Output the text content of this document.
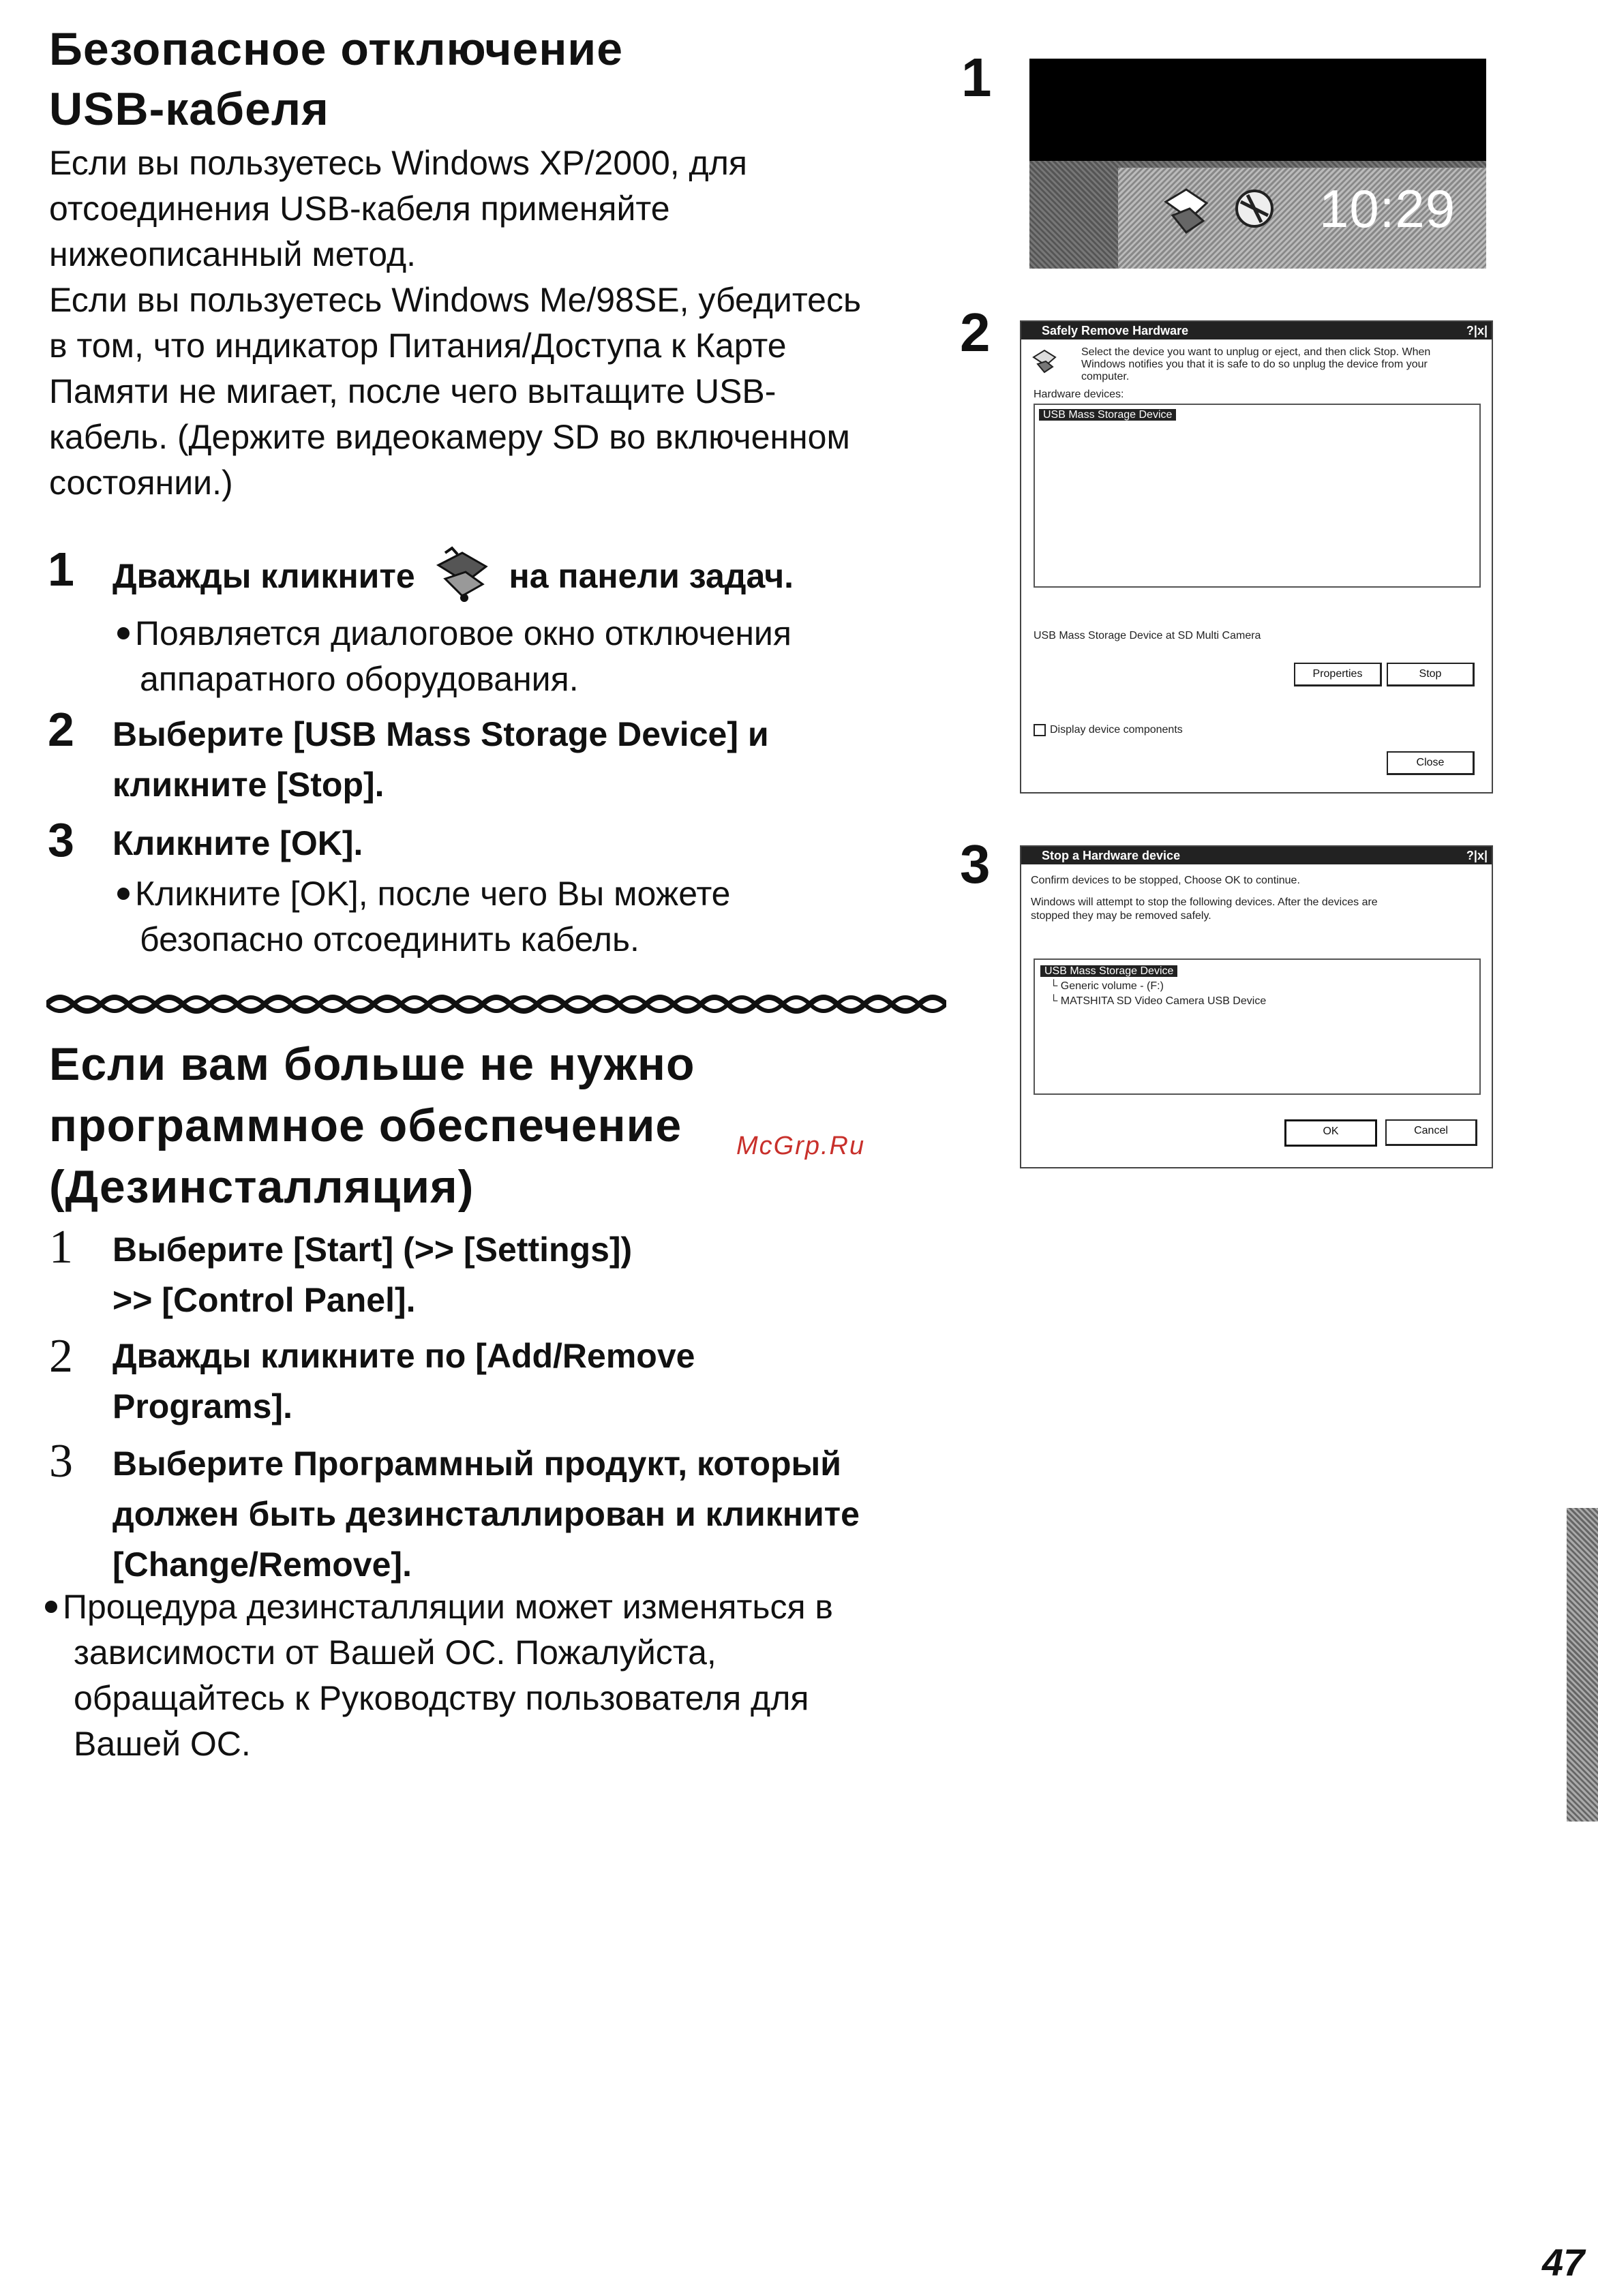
Безопасное отключение
USB-кабеля
Если вы пользуетесь Windows XP/2000, для
отсоединения USB-кабеля применяйте
нижеописанный метод.
Если вы пользуетесь Windows Me/98SE, убедитесь
в том, что индикатор Питания/Доступа к Карте
Памяти не мигает, после чего вытащите USB-
кабель. (Держите видеокамеру SD во включенном
состоянии.)
1 Дважды кликните	на панели задач.
Появляется диалоговое окно отключения
аппаратного оборудования.
2 Выберите [USB Mass Storage Device] и
кликните [Stop].
3 Кликните [OK].
Кликните [OK], после чего Вы можете
безопасно отсоединить кабель.
Если вам больше не нужно
программное обеспечение
(Дезинсталляция)
McGrp.Ru
1 Выберите [Start] (>> [Settings])
>> [Control Panel].
2 Дважды кликните по [Add/Remove
Programs].
3 Выберите Программный продукт, который
должен быть дезинсталлирован и кликните
[Change/Remove].
Процедура дезинсталляции может изменяться в
зависимости от Вашей ОС. Пожалуйста,
обращайтесь к Руководству пользователя для
Вашей ОС.
1
10:29
2	Safely Remove Hardware	?|x|
Select the device you want to unplug or eject, and then click Stop. When
Windows notifies you that it is safe to do so unplug the device from your
computer.
Hardware devices:
USB Mass Storage Device
USB Mass Storage Device at SD Multi Camera
Properties	Stop
Display device components
Close
3	Stop a Hardware device	?|x|
Confirm devices to be stopped, Choose OK to continue.
Windows will attempt to stop the following devices. After the devices are
stopped they may be removed safely.
USB Mass Storage Device
└ Generic volume - (F:)
└ MATSHITA SD Video Camera USB Device
OK	Cancel
47
